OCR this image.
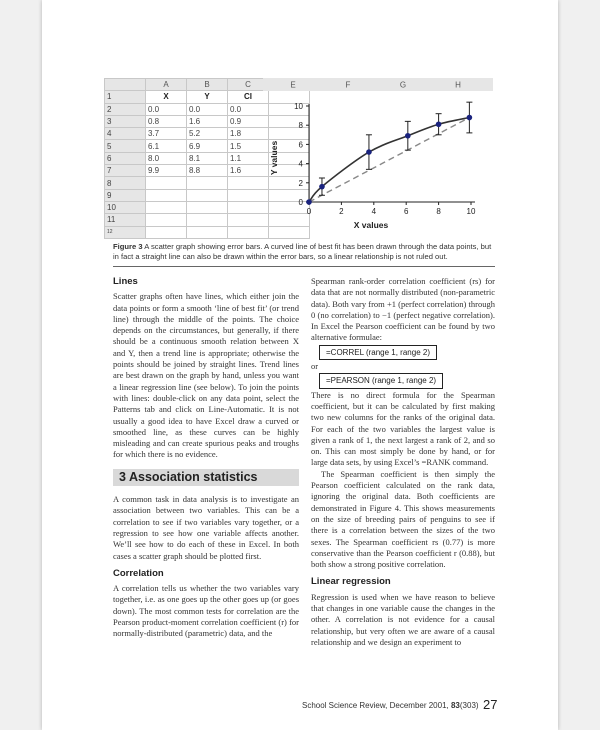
	A	B	C	
1	X	Y	CI	
2	0.0	0.0	0.0	
3	0.8	1.6	0.9	
4	3.7	5.2	1.8	
5	6.1	6.9	1.5	
6	8.0	8.1	1.1	
7	9.9	8.8	1.6	
8				
9				
10				
11				
12				
E	F	G	H
0	2	4	6	8	10
0
2
4
6
8
10
X values
Y values
Figure 3 A scatter graph showing error bars. A curved line of best fit has been drawn through the data points, but in fact a straight line can also be drawn within the error bars, so a linear relationship is not ruled out.
Lines

Scatter graphs often have lines, which either join the data points or form a smooth ‘line of best fit’ (or trend line) through the middle of the points. The choice depends on the circumstances, but generally, if there should be a continuous smooth relation between X and Y, then a trend line is appropriate; otherwise the points should be joined by straight lines. Trend lines are best drawn on the graph by hand, unless you want a linear regression line (see below). To join the points with lines: double-click on any data point, select the Patterns tab and click on Line-Automatic. It is not usually a good idea to have Excel draw a curved or smoothed line, as these curves can be highly misleading and can create spurious peaks and troughs for which there is no evidence.

3 Association statistics

A common task in data analysis is to investigate an association between two variables. This can be a correlation to see if two variables vary together, or a regression to see how one variable affects another. We’ll see how to do each of these in Excel. In both cases a scatter graph should be plotted first.

Correlation

A correlation tells us whether the two variables vary together, i.e. as one goes up the other goes up (or goes down). The most common tests for correlation are the Pearson product-moment correlation coefficient (r) for normally-distributed (parametric) data, and the

Spearman rank-order correlation coefficient (rs) for data that are not normally distributed (non-parametric data). Both vary from +1 (perfect correlation) through 0 (no correlation) to −1 (perfect negative correlation). In Excel the Pearson coefficient can be found by two alternative formulae:

=CORREL (range 1, range 2)
or
=PEARSON (range 1, range 2)

There is no direct formula for the Spearman coefficient, but it can be calculated by first making two new columns for the ranks of the original data. For each of the two variables the largest value is given a rank of 1, the next largest a rank of 2, and so on. This can most simply be done by hand, or for large data sets, by using Excel’s =RANK command.

The Spearman coefficient is then simply the Pearson coefficient calculated on the rank data, ignoring the original data. Both coefficients are demonstrated in Figure 4. This shows measurements on the size of breeding pairs of penguins to see if there is a correlation between the sizes of the two sexes. The Spearman coefficient rs (0.77) is more conservative than the Pearson coefficient r (0.88), but both show a strong positive correlation.

Linear regression

Regression is used when we have reason to believe that changes in one variable cause the changes in the other. A correlation is not evidence for a causal relationship, but very often we are aware of a causal relationship and we design an experiment to

School Science Review, December 2001, 83(303) 27
